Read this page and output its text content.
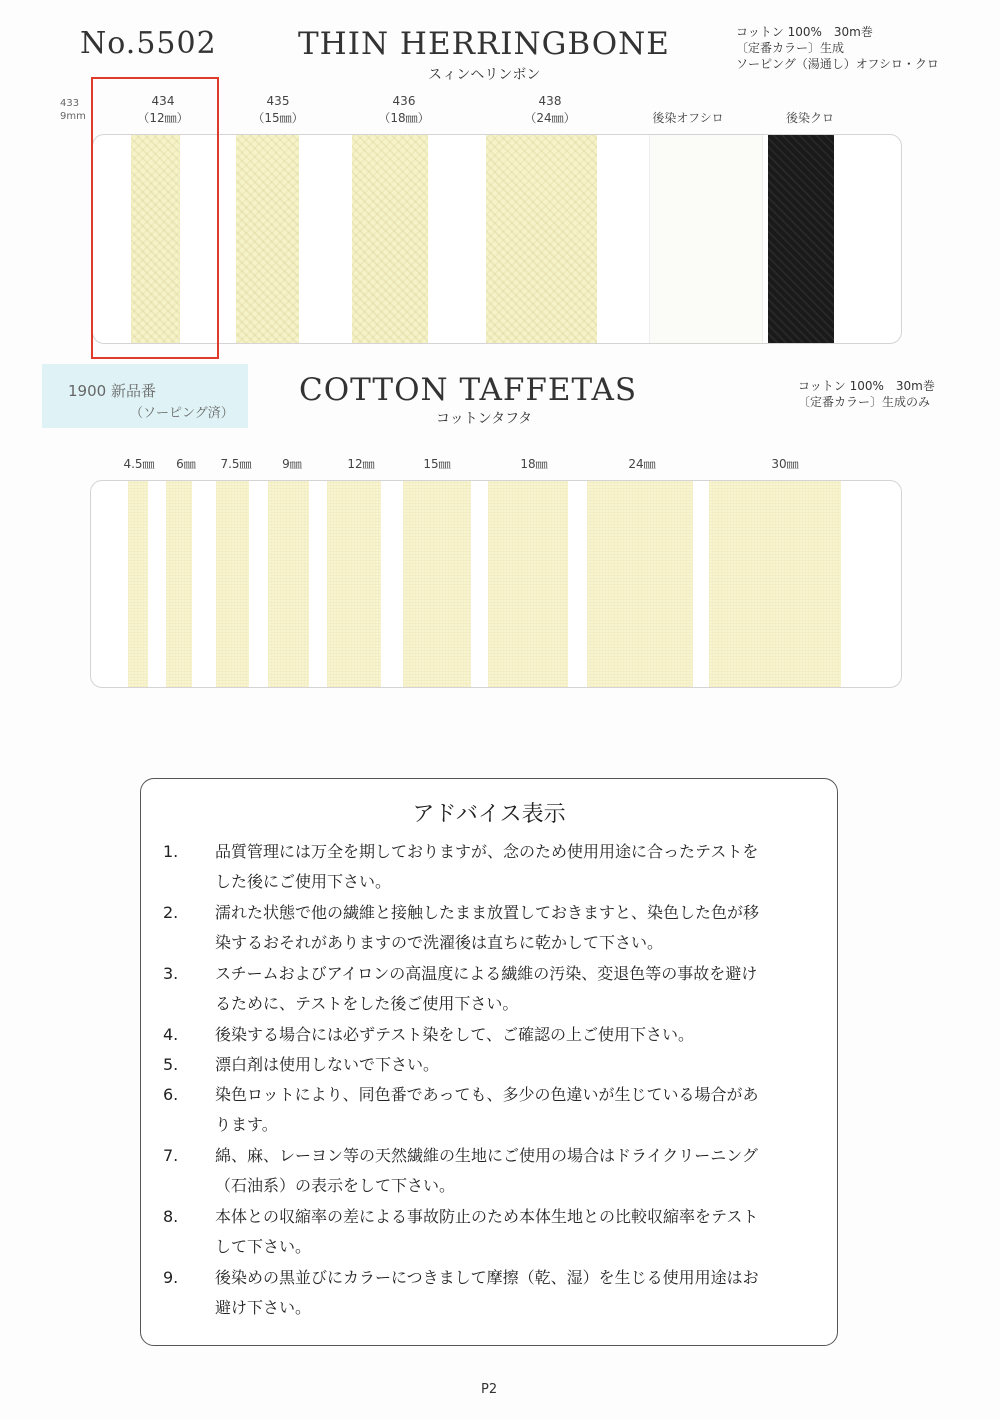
No.5502	THIN HERRINGBONE
スィンヘリンボン
コットン 100%　30m巻
〔定番カラー〕生成
ソーピング（湯通し）オフシロ・クロ
433
9mm
434
（12㎜）
435
（15㎜）
436
（18㎜）
438
（24㎜）	後染オフシロ	後染クロ
1900 新品番
（ソーピング済）
COTTON TAFFETAS
コットンタフタ
コットン 100%　30m巻
〔定番カラー〕生成のみ
4.5㎜	6㎜	7.5㎜	9㎜	12㎜	15㎜	18㎜	24㎜	30㎜
アドバイス表示
1.	品質管理には万全を期しておりますが、念のため使用用途に合ったテストを
した後にご使用下さい。
2.	濡れた状態で他の繊維と接触したまま放置しておきますと、染色した色が移
染するおそれがありますので洗濯後は直ちに乾かして下さい。
3.	スチームおよびアイロンの高温度による繊維の汚染、変退色等の事故を避け
るために、テストをした後ご使用下さい。
4.	後染する場合には必ずテスト染をして、ご確認の上ご使用下さい。
5.	漂白剤は使用しないで下さい。
6.	染色ロットにより、同色番であっても、多少の色違いが生じている場合があ
ります。
7.	綿、麻、レーヨン等の天然繊維の生地にご使用の場合はドライクリーニング
（石油系）の表示をして下さい。
8.	本体との収縮率の差による事故防止のため本体生地との比較収縮率をテスト
して下さい。
9.	後染めの黒並びにカラーにつきまして摩擦（乾、湿）を生じる使用用途はお
避け下さい。
P2
